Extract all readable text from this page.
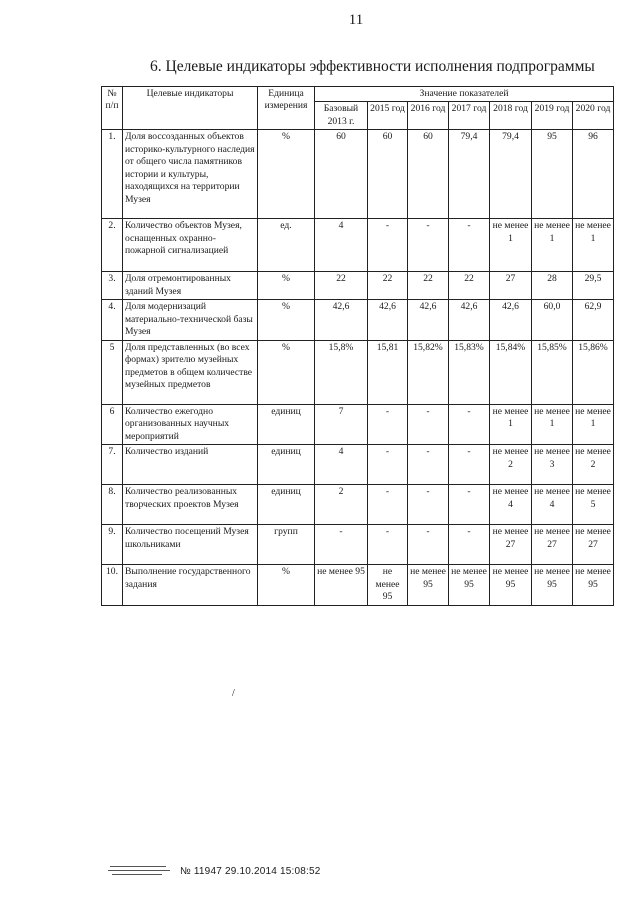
11
6. Целевые индикаторы эффективности исполнения подпрограммы
№ п/п	Целевые индикаторы	Единица измерения	Значение показателей						
			Базовый 2013 г.	2015 год	2016 год	2017 год	2018 год	2019 год	2020 год
1.	Доля воссозданных объектов историко-культурного наследия от общего числа памятников истории и культуры, находящихся на территории Музея	%	60	60	60	79,4	79,4	95	96
2.	Количество объектов Музея, оснащенных охранно-пожарной сигнализацией	ед.	4	-	-	-	не менее 1	не менее 1	не менее 1
3.	Доля отремонтированных зданий Музея	%	22	22	22	22	27	28	29,5
4.	Доля модернизаций материально-технической базы Музея	%	42,6	42,6	42,6	42,6	42,6	60,0	62,9
5	Доля представленных (во всех формах) зрителю музейных предметов в общем количестве музейных предметов	%	15,8%	15,81	15,82%	15,83%	15,84%	15,85%	15,86%
6	Количество ежегодно организованных научных мероприятий	единиц	7	-	-	-	не менее 1	не менее 1	не менее 1
7.	Количество изданий	единиц	4	-	-	-	не менее 2	не менее 3	не менее 2
8.	Количество реализованных творческих проектов Музея	единиц	2	-	-	-	не менее 4	не менее 4	не менее 5
9.	Количество посещений Музея школьниками	групп	-	-	-	-	не менее 27	не менее 27	не менее 27
10.	Выполнение государственного задания	%	не менее 95	не менее 95	не менее 95	не менее 95	не менее 95	не менее 95	не менее 95
/
№ 11947 29.10.2014 15:08:52
